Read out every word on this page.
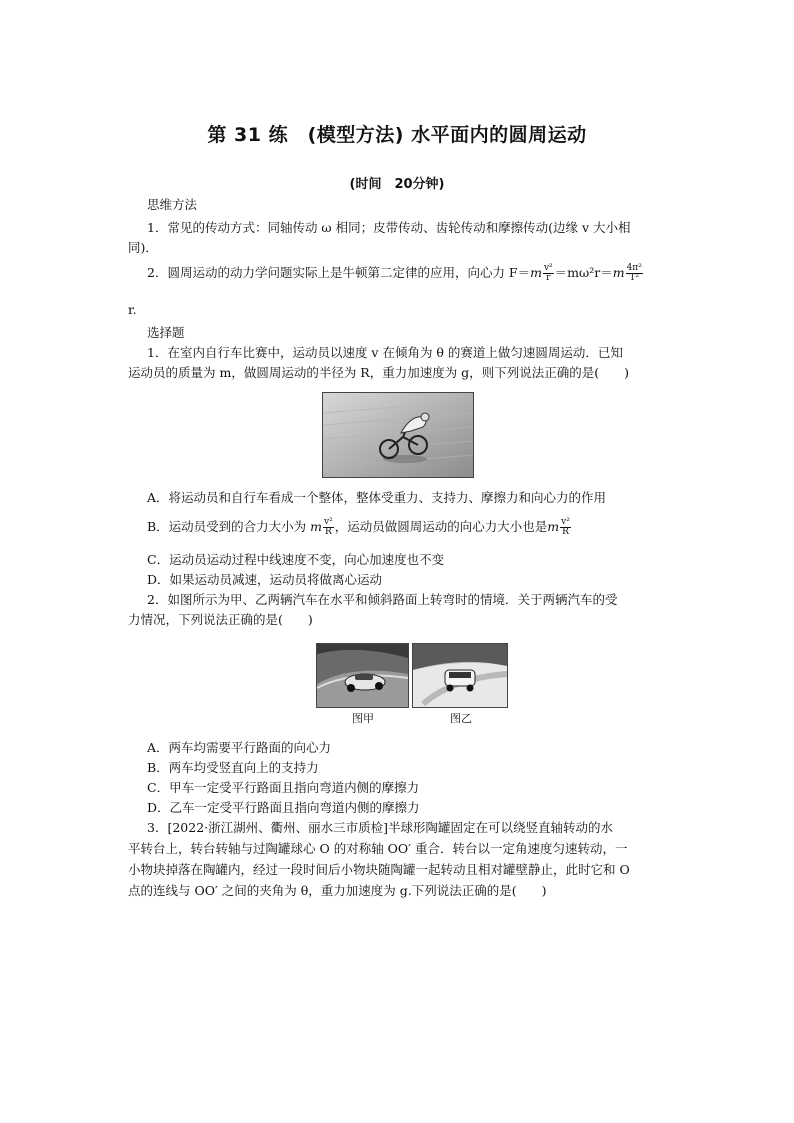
第 31 练　(模型方法) 水平面内的圆周运动
(时间　20分钟)
思维方法
1．常见的传动方式：同轴传动 ω 相同；皮带传动、齿轮传动和摩擦传动(边缘 v 大小相
同)．
2．圆周运动的动力学问题实际上是牛顿第二定律的应用，向心力 $F=m \frac{\text{v²}}{r} =m\omega^2r=m \frac{\text{4π²}}{\text{T²}}$
r.
选择题
1．在室内自行车比赛中，运动员以速度 v 在倾角为 θ 的赛道上做匀速圆周运动．已知
运动员的质量为 m，做圆周运动的半径为 R，重力加速度为 g，则下列说法正确的是(　　)
A．将运动员和自行车看成一个整体，整体受重力、支持力、摩擦力和向心力的作用
B．运动员受到的合力大小为 m $\frac{\text{v²}}{R}$ ，运动员做圆周运动的向心力大小也是m $\frac{\text{v²}}{R}$
C．运动员运动过程中线速度不变，向心加速度也不变
D．如果运动员减速，运动员将做离心运动
2．如图所示为甲、乙两辆汽车在水平和倾斜路面上转弯时的情境．关于两辆汽车的受
力情况，下列说法正确的是(　　)
图甲	图乙
A．两车均需要平行路面的向心力
B．两车均受竖直向上的支持力
C．甲车一定受平行路面且指向弯道内侧的摩擦力
D．乙车一定受平行路面且指向弯道内侧的摩擦力
3．[2022·浙江湖州、衢州、丽水三市质检]半球形陶罐固定在可以绕竖直轴转动的水
平转台上，转台转轴与过陶罐球心 O 的对称轴 OO′ 重合．转台以一定角速度匀速转动，一
小物块掉落在陶罐内，经过一段时间后小物块随陶罐一起转动且相对罐壁静止，此时它和 O
点的连线与 OO′ 之间的夹角为 θ，重力加速度为 g.下列说法正确的是(　　)
